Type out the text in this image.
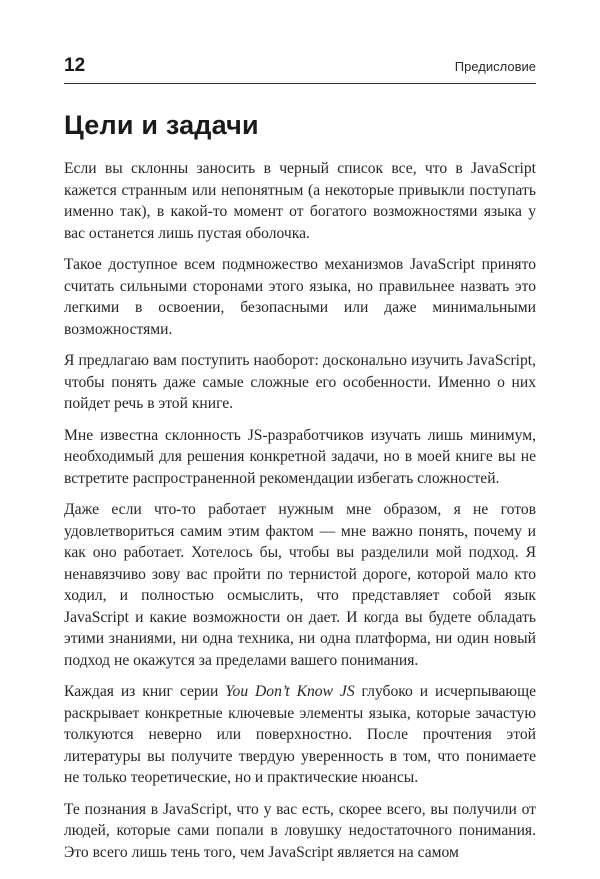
12	Предисловие
Цели и задачи

Если вы склонны заносить в черный список все, что в JavaScript кажется странным или непонятным (а некоторые привыкли поступать именно так), в какой-то момент от богатого возможностями языка у вас останется лишь пустая оболочка.

Такое доступное всем подмножество механизмов JavaScript принято считать сильными сторонами этого языка, но правильнее назвать это легкими в освоении, безопасными или даже минимальными возможностями.

Я предлагаю вам поступить наоборот: досконально изучить JavaScript, чтобы понять даже самые сложные его особенности. Именно о них пойдет речь в этой книге.

Мне известна склонность JS-разработчиков изучать лишь минимум, необходимый для решения конкретной задачи, но в моей книге вы не встретите распространенной рекомендации избегать сложностей.

Даже если что-то работает нужным мне образом, я не готов удовлетвориться самим этим фактом — мне важно понять, почему и как оно работает. Хотелось бы, чтобы вы разделили мой подход. Я ненавязчиво зову вас пройти по тернистой дороге, которой мало кто ходил, и полностью осмыслить, что представляет собой язык JavaScript и какие возможности он дает. И когда вы будете обладать этими знаниями, ни одна техника, ни одна платформа, ни один новый подход не окажутся за пределами вашего понимания.

Каждая из книг серии You Don’t Know JS глубоко и исчерпывающе раскрывает конкретные ключевые элементы языка, которые зачастую толкуются неверно или поверхностно. После прочтения этой литературы вы получите твердую уверенность в том, что понимаете не только теоретические, но и практические нюансы.

Те познания в JavaScript, что у вас есть, скорее всего, вы получили от людей, которые сами попали в ловушку недостаточного понимания. Это всего лишь тень того, чем JavaScript является на самом
